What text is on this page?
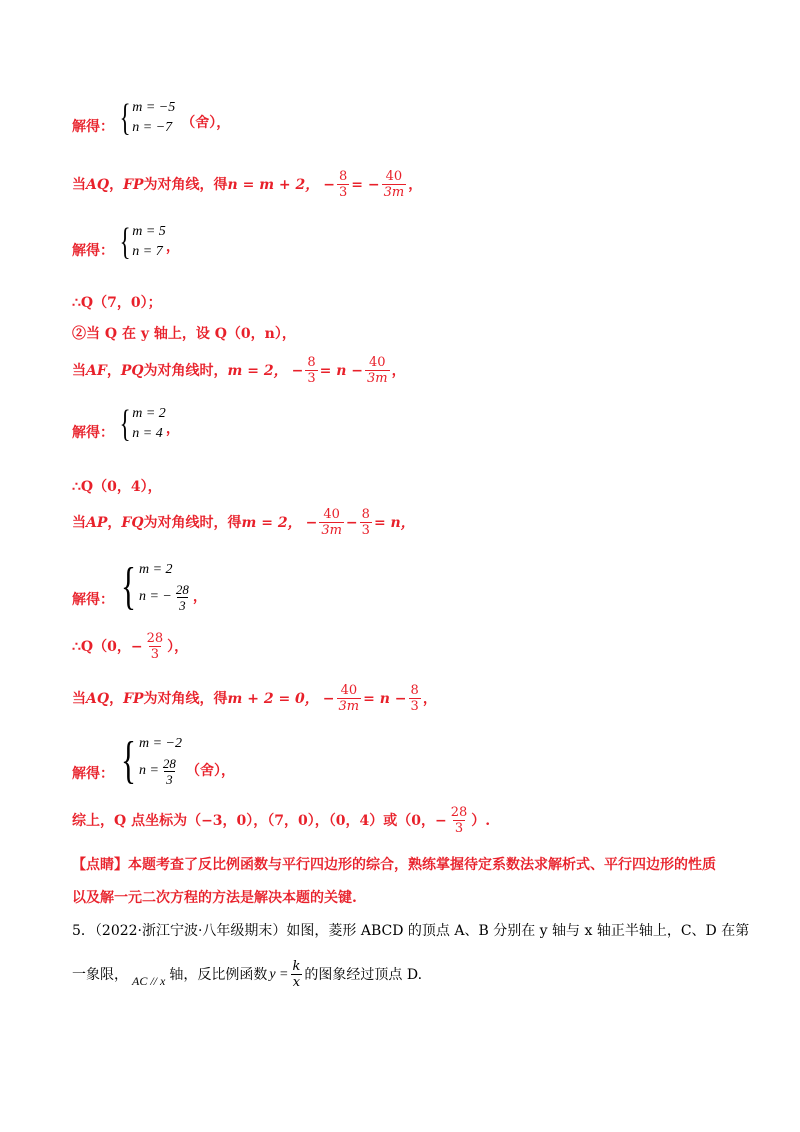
解得： { m = −5
n = −7 （舍），
当 AQ ， FP 为对角线，得 n = m + 2， − $\frac{8}{3}$ = − $\frac{40}{3m}$ ，
解得： { m = 5
n = 7 ，
∴Q（7，0）；
②当 Q 在 y 轴上，设 Q（0，n），
当 AF ， PQ 为对角线时， m = 2， − $\frac{8}{3} = n - \frac{40}{3m}$ ，
解得： { m = 2
n = 4 ，
∴Q（0，4），
当 AP ， FQ 为对角线时，得 m = 2， − $\frac{40}{3m} - \frac{8}{3} = n$，
解得： { m = 2
n = − $\frac{28}{3}$ ，
∴Q（0， − $\frac{28}{3}$ ），
当 AQ ， FP 为对角线，得 m + 2 = 0， − $\frac{40}{3m} = n - \frac{8}{3}$ ，
解得： { m = −2
$n = \frac{28}{3}$ （舍），
综上，Q 点坐标为（−3，0），（7，0），（0，4）或（0， − $\frac{28}{3}$ ）.
【点睛】 本题考查了反比例函数与平行四边形的综合，熟练掌握待定系数法求解析式、平行四边形的性质
以及解一元二次方程的方法是解决本题的关键.
5．（2022·浙江宁波·八年级期末）如图，菱形 ABCD 的顶点 A、B 分别在 y 轴与 x 轴正半轴上，C、D 在第
一象限， AC // x 轴，反比例函数 $y = \frac{k}{x}$ 的图象经过顶点 D.
